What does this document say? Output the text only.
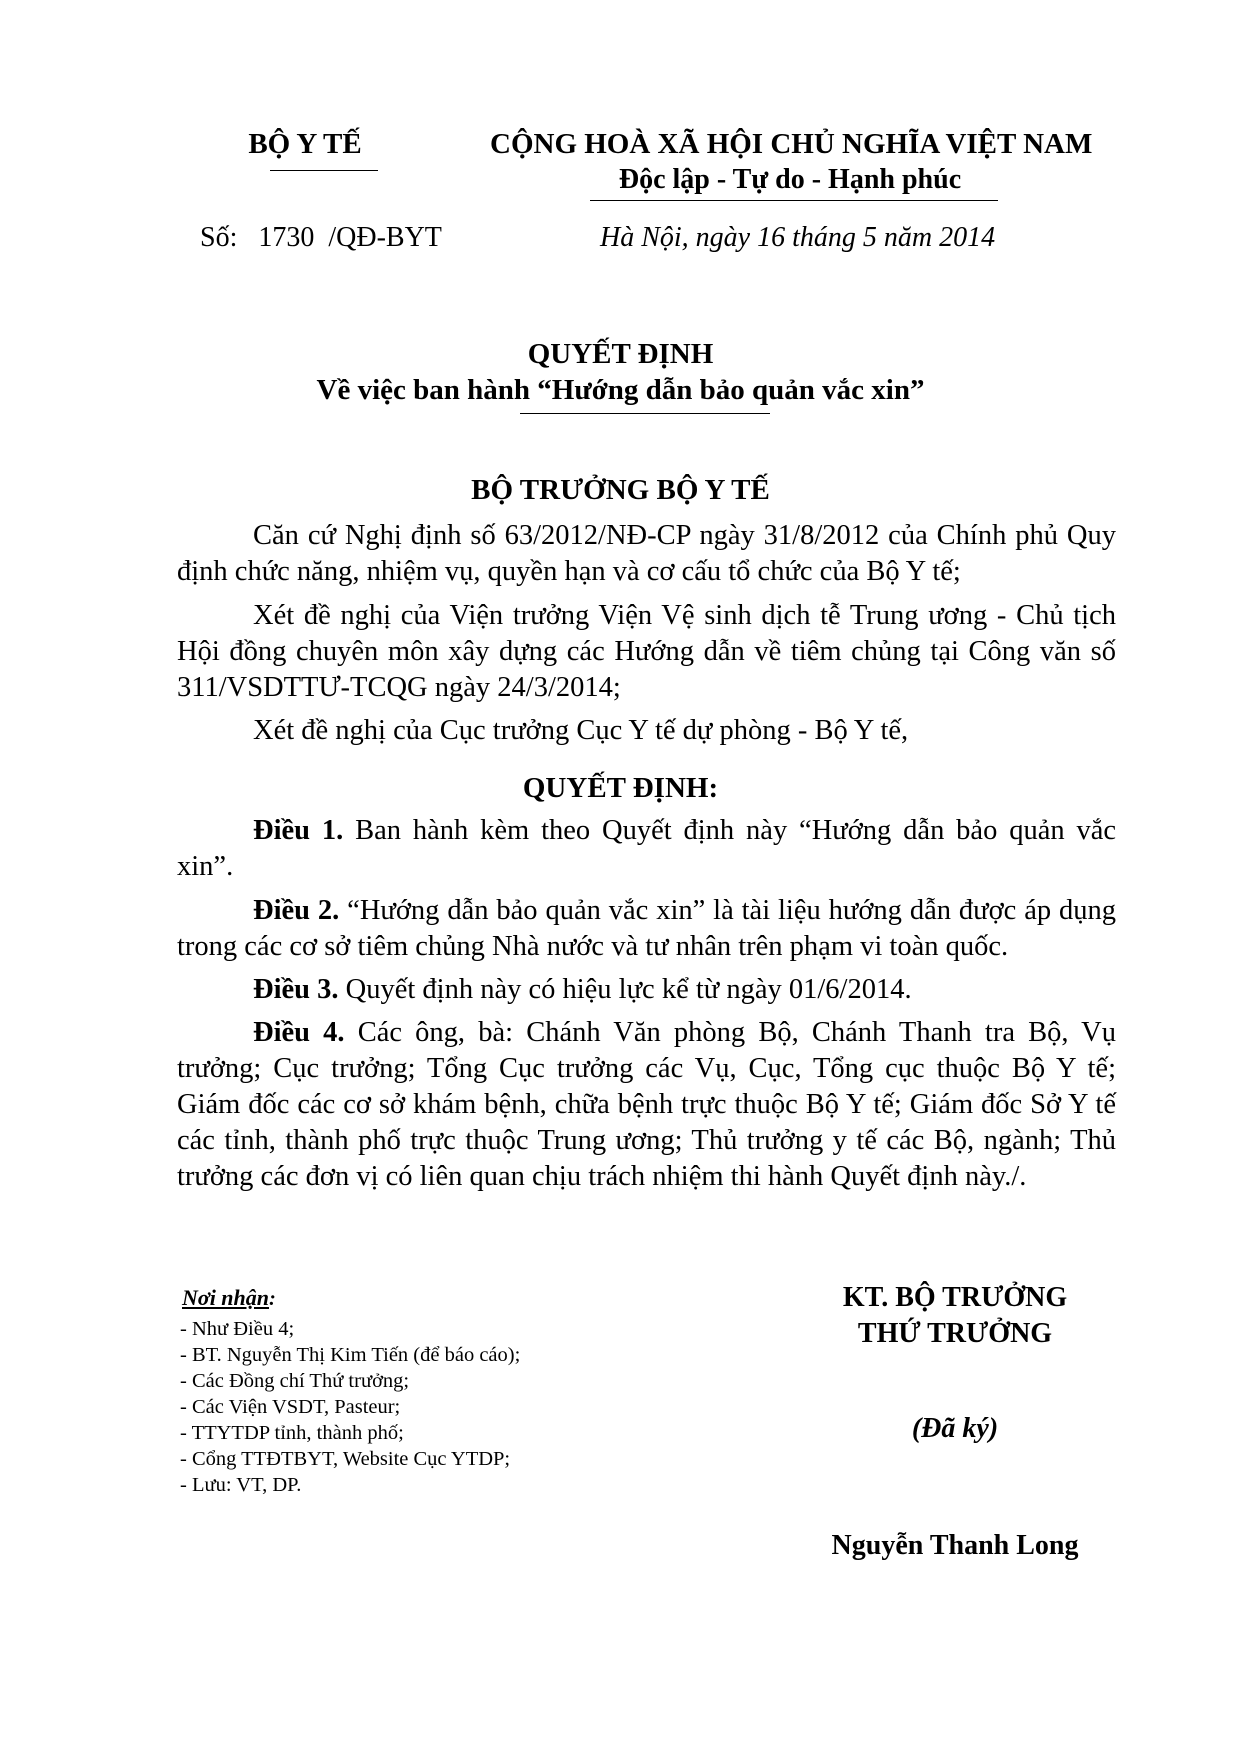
BỘ Y TẾ	CỘNG HOÀ XÃ HỘI CHỦ NGHĨA VIỆT NAM
Độc lập - Tự do - Hạnh phúc
Số:   1730  /QĐ-BYT	Hà Nội, ngày 16 tháng 5 năm 2014
QUYẾT ĐỊNH
Về việc ban hành “Hướng dẫn bảo quản vắc xin”
BỘ TRƯỞNG BỘ Y TẾ

Căn cứ Nghị định số 63/2012/NĐ-CP ngày 31/8/2012 của Chính phủ Quy định chức năng, nhiệm vụ, quyền hạn và cơ cấu tổ chức của Bộ Y tế;

Xét đề nghị của Viện trưởng Viện Vệ sinh dịch tễ Trung ương - Chủ tịch Hội đồng chuyên môn xây dựng các Hướng dẫn về tiêm chủng tại Công văn số 311/VSDTTƯ-TCQG ngày 24/3/2014;

Xét đề nghị của Cục trưởng Cục Y tế dự phòng - Bộ Y tế,

QUYẾT ĐỊNH:

Điều 1. Ban hành kèm theo Quyết định này “Hướng dẫn bảo quản vắc xin”.

Điều 2. “Hướng dẫn bảo quản vắc xin” là tài liệu hướng dẫn được áp dụng trong các cơ sở tiêm chủng Nhà nước và tư nhân trên phạm vi toàn quốc.

Điều 3. Quyết định này có hiệu lực kể từ ngày 01/6/2014.

Điều 4. Các ông, bà: Chánh Văn phòng Bộ, Chánh Thanh tra Bộ, Vụ trưởng; Cục trưởng; Tổng Cục trưởng các Vụ, Cục, Tổng cục thuộc Bộ Y tế; Giám đốc các cơ sở khám bệnh, chữa bệnh trực thuộc Bộ Y tế; Giám đốc Sở Y tế các tỉnh, thành phố trực thuộc Trung ương; Thủ trưởng y tế các Bộ, ngành; Thủ trưởng các đơn vị có liên quan chịu trách nhiệm thi hành Quyết định này./.

Nơi nhận:
- Như Điều 4;
- BT. Nguyễn Thị Kim Tiến (để báo cáo);
- Các Đồng chí Thứ trưởng;
- Các Viện VSDT, Pasteur;
- TTYTDP tỉnh, thành phố;
- Cổng TTĐTBYT, Website Cục YTDP;
- Lưu: VT, DP.
KT. BỘ TRƯỞNG
THỨ TRƯỞNG
(Đã ký)
Nguyễn Thanh Long
